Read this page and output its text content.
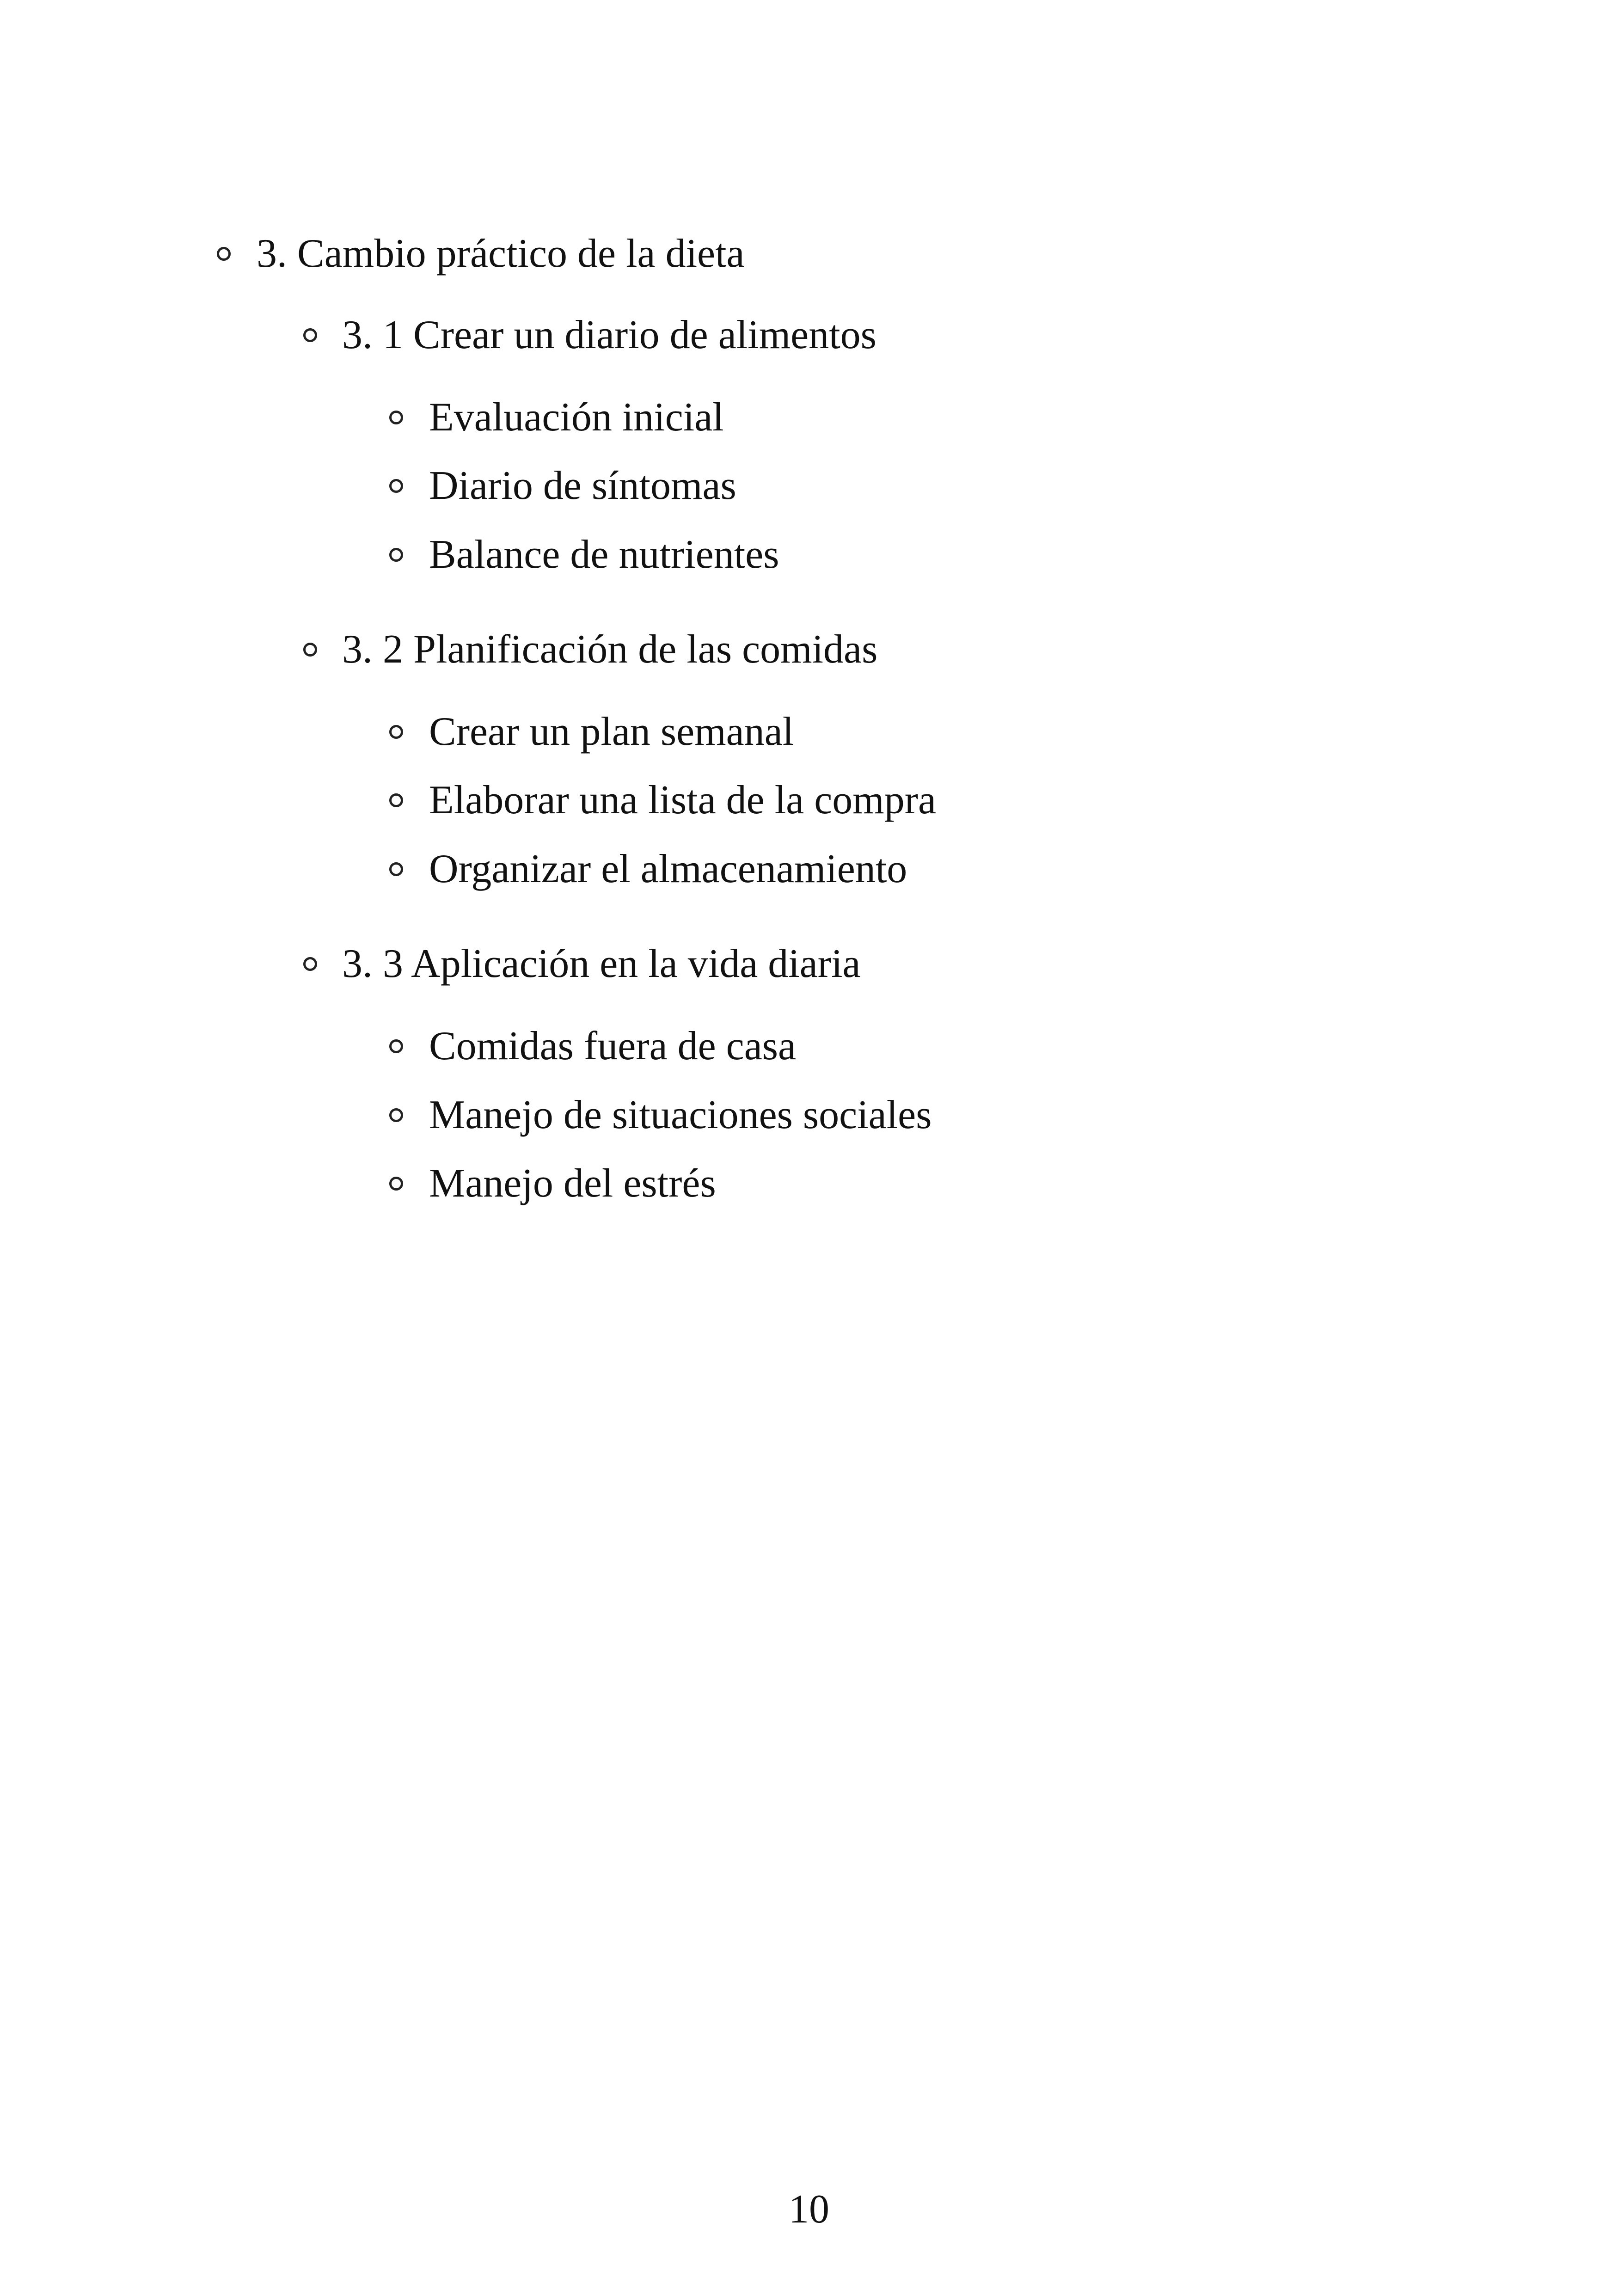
3. Cambio práctico de la dieta
3. 1 Crear un diario de alimentos
Evaluación inicial
Diario de síntomas
Balance de nutrientes
3. 2 Planificación de las comidas
Crear un plan semanal
Elaborar una lista de la compra
Organizar el almacenamiento
3. 3 Aplicación en la vida diaria
Comidas fuera de casa
Manejo de situaciones sociales
Manejo del estrés
10
